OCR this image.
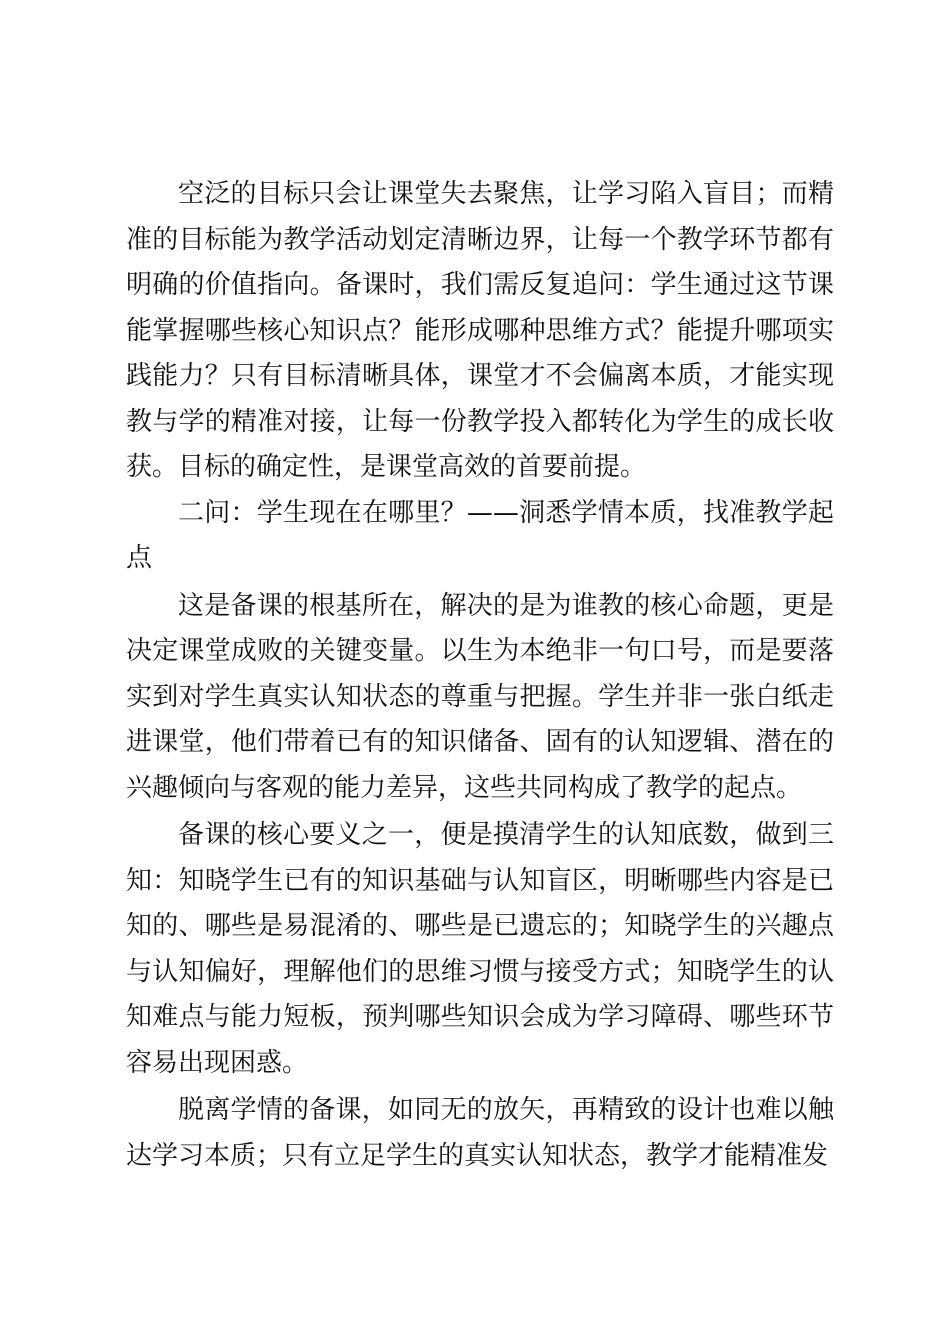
空泛的目标只会让课堂失去聚焦，让学习陷入盲目；而精准的目标能为教学活动划定清晰边界，让每一个教学环节都有明确的价值指向。备课时，我们需反复追问：学生通过这节课能掌握哪些核心知识点？能形成哪种思维方式？能提升哪项实践能力？只有目标清晰具体，课堂才不会偏离本质，才能实现教与学的精准对接，让每一份教学投入都转化为学生的成长收获。目标的确定性，是课堂高效的首要前提。

二问：学生现在在哪里？——洞悉学情本质，找准教学起点

这是备课的根基所在，解决的是为谁教的核心命题，更是决定课堂成败的关键变量。以生为本绝非一句口号，而是要落实到对学生真实认知状态的尊重与把握。学生并非一张白纸走进课堂，他们带着已有的知识储备、固有的认知逻辑、潜在的兴趣倾向与客观的能力差异，这些共同构成了教学的起点。

备课的核心要义之一，便是摸清学生的认知底数，做到三知：知晓学生已有的知识基础与认知盲区，明晰哪些内容是已知的、哪些是易混淆的、哪些是已遗忘的；知晓学生的兴趣点与认知偏好，理解他们的思维习惯与接受方式；知晓学生的认知难点与能力短板，预判哪些知识会成为学习障碍、哪些环节容易出现困惑。

脱离学情的备课，如同无的放矢，再精致的设计也难以触达学习本质；只有立足学生的真实认知状态，教学才能精准发
